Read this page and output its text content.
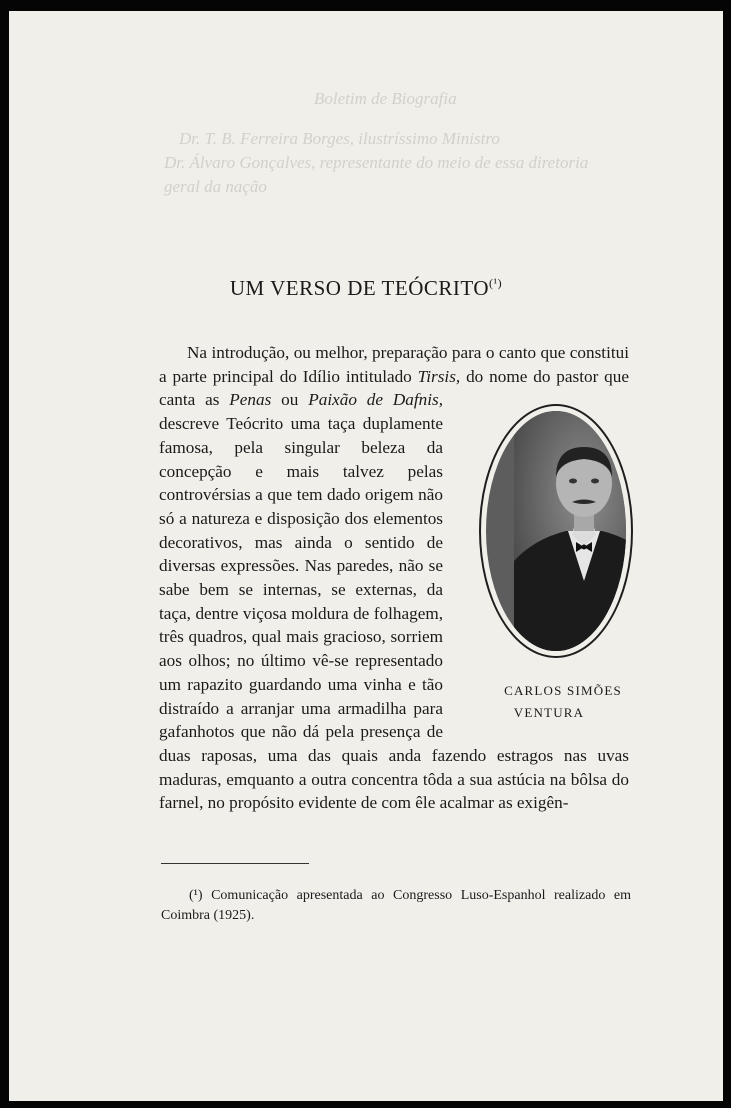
Boletim de Biografia
Dr. T. B. Ferreira Borges, ilustríssimo Ministro
Dr. Álvaro Gonçalves, representante do meio de essa diretoria
geral da nação
UM VERSO DE $TEÓCRITO^{(^1)}$

Na introdução, ou melhor, preparação para o canto que constitui a parte principal do Idílio intitulado Tirsis, do nome do pastor que canta as
CARLOS SIMÕES
VENTURA
Penas ou Paixão de Dafnis, descreve Teócrito uma taça duplamente famosa, pela singular beleza da concepção e mais talvez pelas controvérsias a que tem dado origem não só a natureza e disposição dos elementos decorativos, mas ainda o sentido de diversas expressões. Nas paredes, não se sabe bem se internas, se externas, da taça, dentre viçosa moldura de folhagem, três quadros, qual mais gracioso, sorriem aos olhos; no último vê-se representado um rapazito guardando uma vinha e tão distraído a arranjar uma armadilha para gafanhotos que não dá pela presença de duas raposas, uma das quais anda fazendo estragos nas uvas maduras, emquanto a outra concentra tôda a sua astúcia na bôlsa do farnel, no propósito evidente de com êle acalmar as exigên-

(¹) Comunicação apresentada ao Congresso Luso-Espanhol realizado em Coimbra (1925).
